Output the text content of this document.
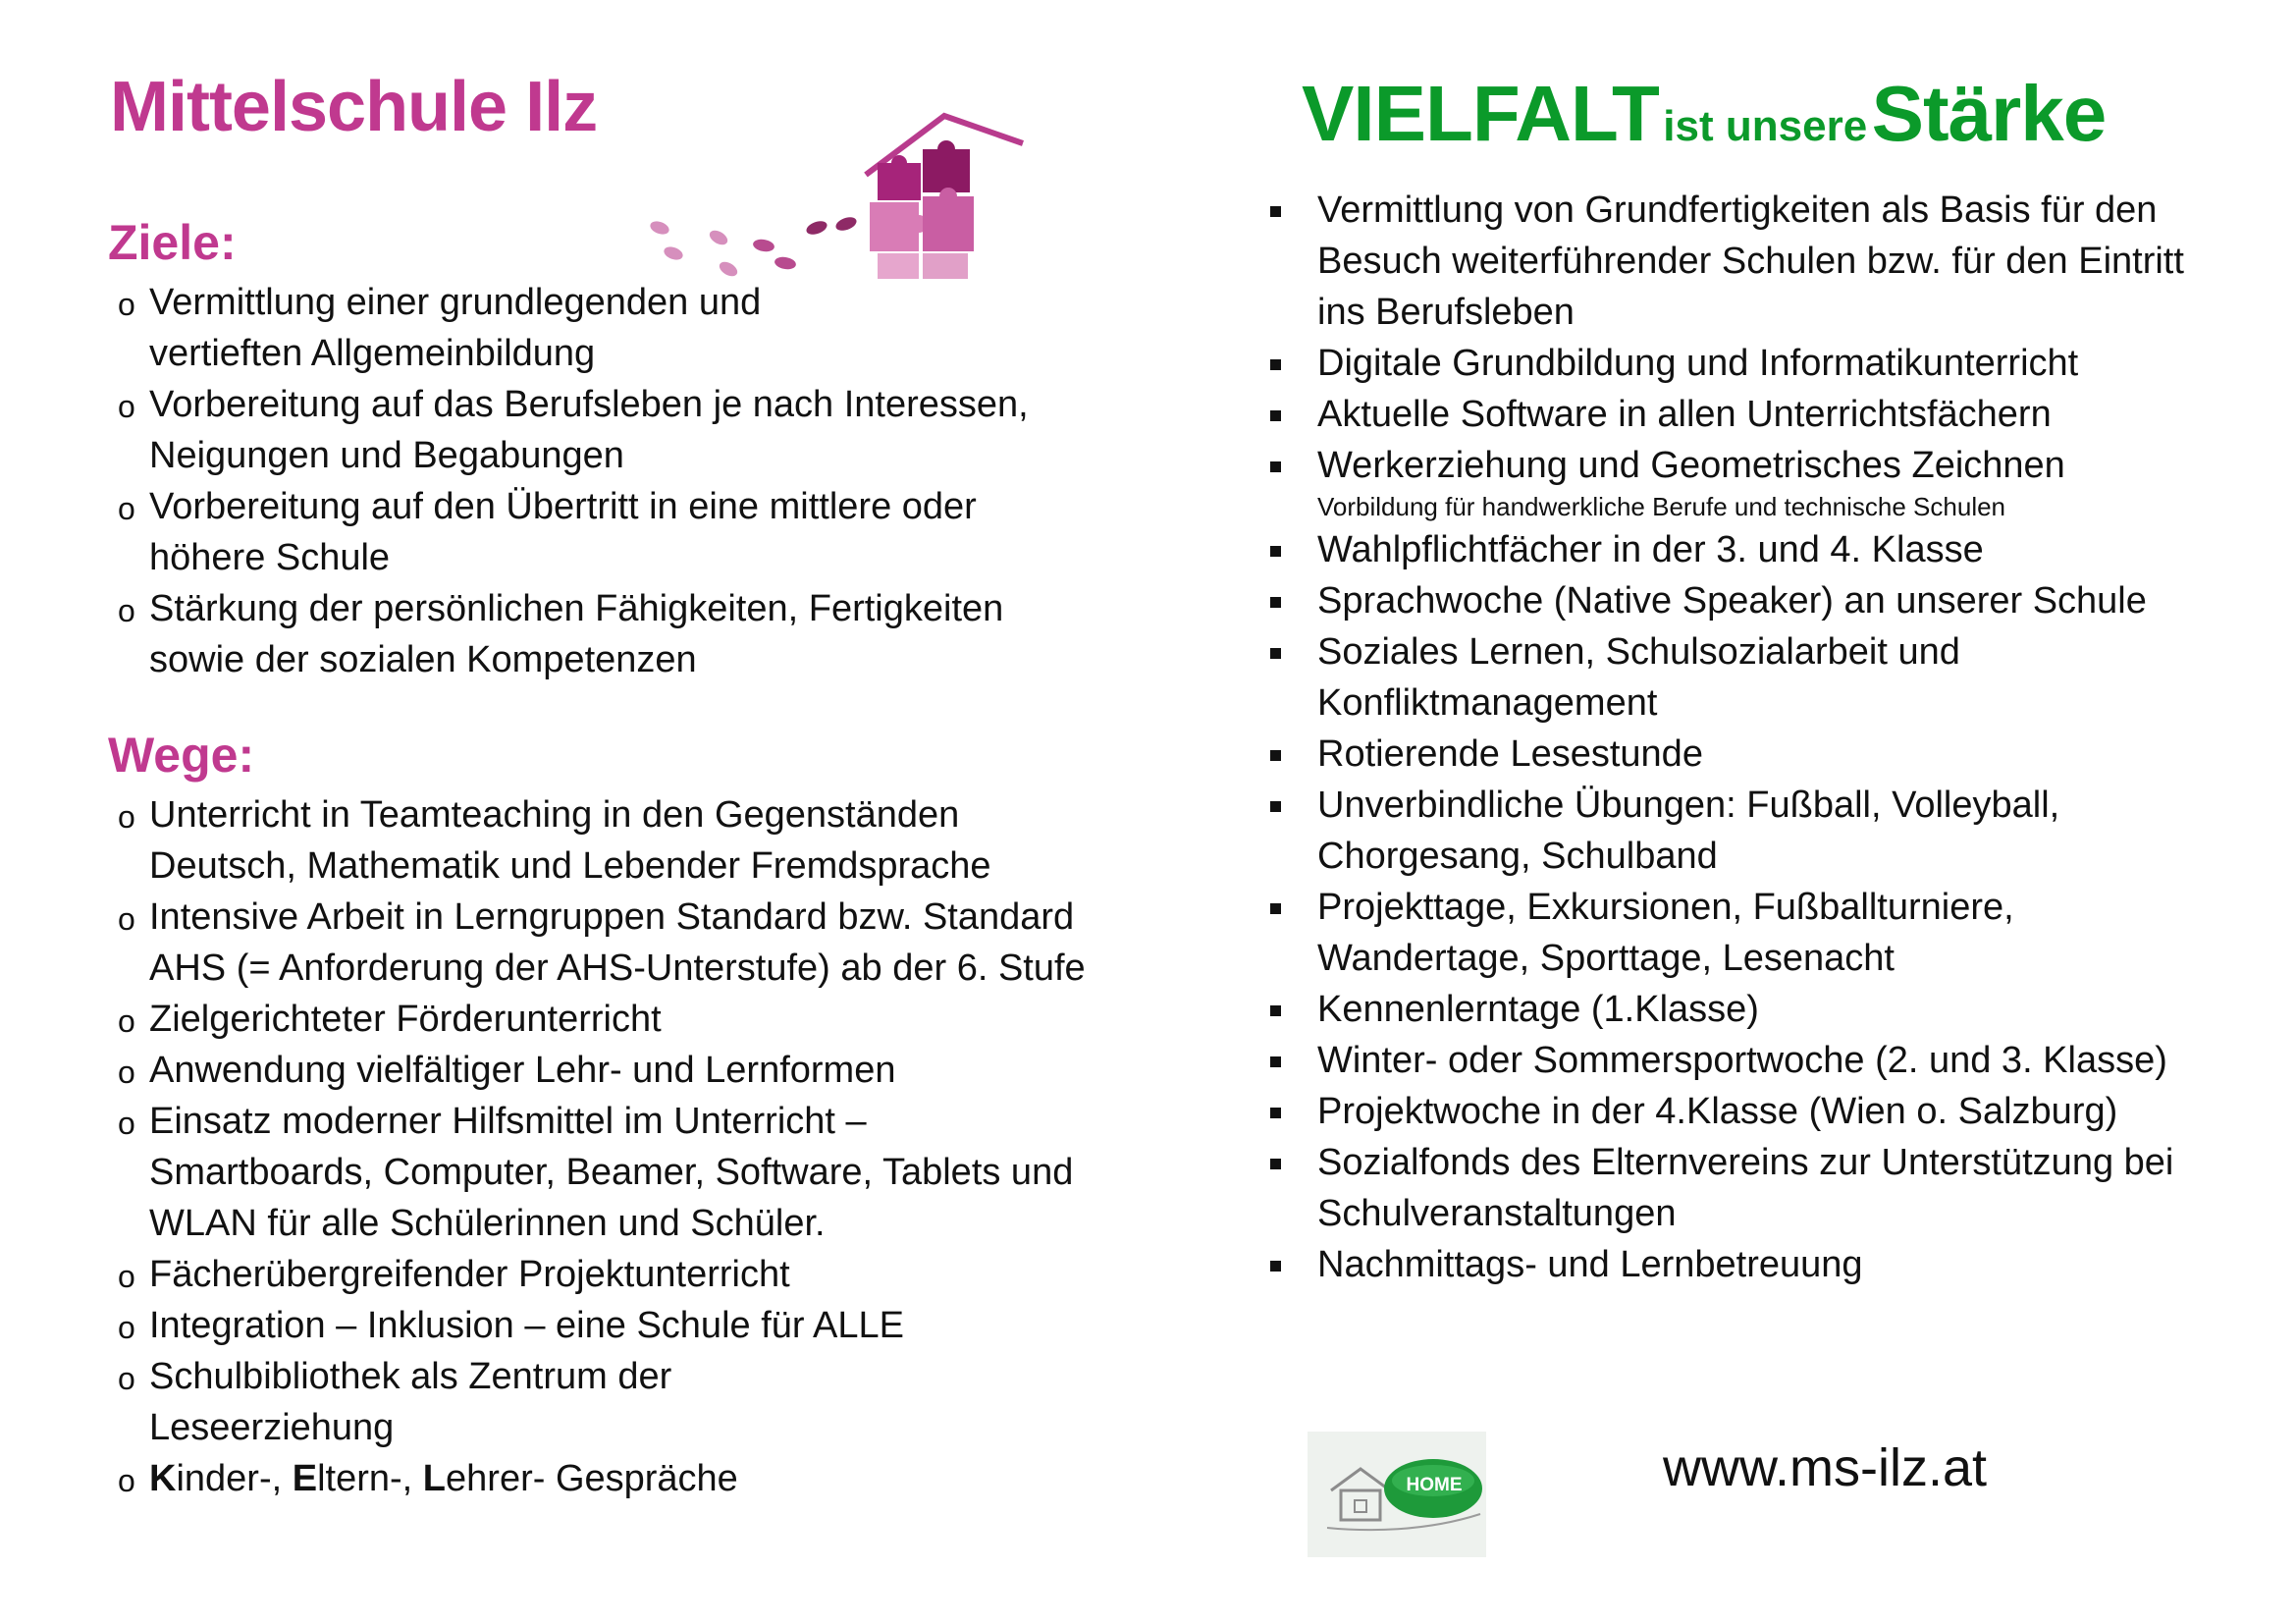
Mittelschule Ilz
Ziele:
o Vermittlung einer grundlegenden und vertieften Allgemeinbildung
o Vorbereitung auf das Berufsleben je nach Interessen, Neigungen und Begabungen
o Vorbereitung auf den Übertritt in eine mittlere oder höhere Schule
o Stärkung der persönlichen Fähigkeiten, Fertigkeiten sowie der sozialen Kompetenzen
Wege:
o Unterricht in Teamteaching in den Gegenständen Deutsch, Mathematik und Lebender Fremdsprache
o Intensive Arbeit in Lerngruppen Standard bzw. Standard AHS (= Anforderung der AHS-Unterstufe) ab der 6. Stufe
o Zielgerichteter Förderunterricht
o Anwendung vielfältiger Lehr- und Lernformen
o Einsatz moderner Hilfsmittel im Unterricht – Smartboards, Computer, Beamer, Software, Tablets und WLAN für alle Schülerinnen und Schüler.
o Fächerübergreifender Projektunterricht
o Integration – Inklusion – eine Schule für ALLE
o Schulbibliothek als Zentrum der Leseerziehung
o Kinder-, Eltern-, Lehrer- Gespräche
VIELFALT ist unsere Stärke
Vermittlung von Grundfertigkeiten als Basis für den Besuch weiterführender Schulen bzw. für den Eintritt ins Berufsleben
Digitale Grundbildung und Informatikunterricht
Aktuelle Software in allen Unterrichtsfächern
Werkerziehung und Geometrisches Zeichnen
Vorbildung für handwerkliche Berufe und technische Schulen
Wahlpflichtfächer in der 3. und 4. Klasse
Sprachwoche (Native Speaker) an unserer Schule
Soziales Lernen, Schulsozialarbeit und Konfliktmanagement
Rotierende Lesestunde
Unverbindliche Übungen: Fußball, Volleyball, Chorgesang, Schulband
Projekttage, Exkursionen, Fußballturniere, Wandertage, Sporttage, Lesenacht
Kennenlerntage (1.Klasse)
Winter- oder Sommersportwoche (2. und 3. Klasse)
Projektwoche in der 4.Klasse (Wien o. Salzburg)
Sozialfonds des Elternvereins zur Unterstützung bei Schulveranstaltungen
Nachmittags- und Lernbetreuung
HOME	www.ms-ilz.at
